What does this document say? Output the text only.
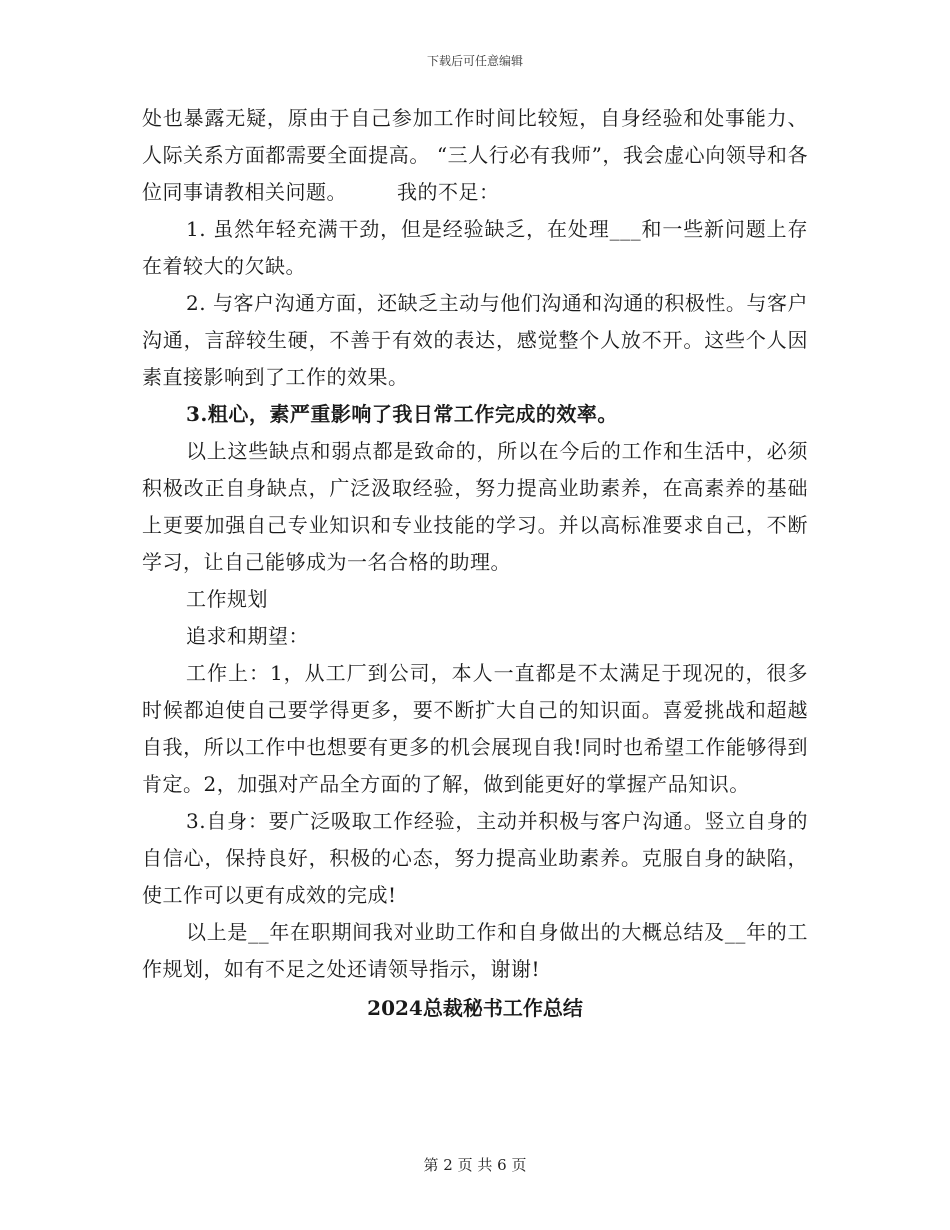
下载后可任意编辑

处也暴露无疑，原由于自己参加工作时间比较短，自身经验和处事能力、人际关系方面都需要全面提高。 “三人行必有我师”，我会虚心向领导和各位同事请教相关问题。	我的不足：

1. 虽然年轻充满干劲，但是经验缺乏，在处理___和一些新问题上存在着较大的欠缺。

2. 与客户沟通方面，还缺乏主动与他们沟通和沟通的积极性。与客户沟通，言辞较生硬，不善于有效的表达，感觉整个人放不开。这些个人因素直接影响到了工作的效果。

3.粗心，素严重影响了我日常工作完成的效率。

以上这些缺点和弱点都是致命的，所以在今后的工作和生活中，必须积极改正自身缺点，广泛汲取经验，努力提高业助素养，在高素养的基础上更要加强自己专业知识和专业技能的学习。并以高标准要求自己，不断学习，让自己能够成为一名合格的助理。

工作规划

追求和期望：

工作上：1，从工厂到公司，本人一直都是不太满足于现况的，很多时候都迫使自己要学得更多，要不断扩大自己的知识面。喜爱挑战和超越自我，所以工作中也想要有更多的机会展现自我!同时也希望工作能够得到肯定。2，加强对产品全方面的了解，做到能更好的掌握产品知识。

3.自身：要广泛吸取工作经验，主动并积极与客户沟通。竖立自身的自信心，保持良好，积极的心态，努力提高业助素养。克服自身的缺陷，使工作可以更有成效的完成!

以上是__年在职期间我对业助工作和自身做出的大概总结及__年的工作规划，如有不足之处还请领导指示，谢谢!

2024总裁秘书工作总结

第 2 页 共 6 页
